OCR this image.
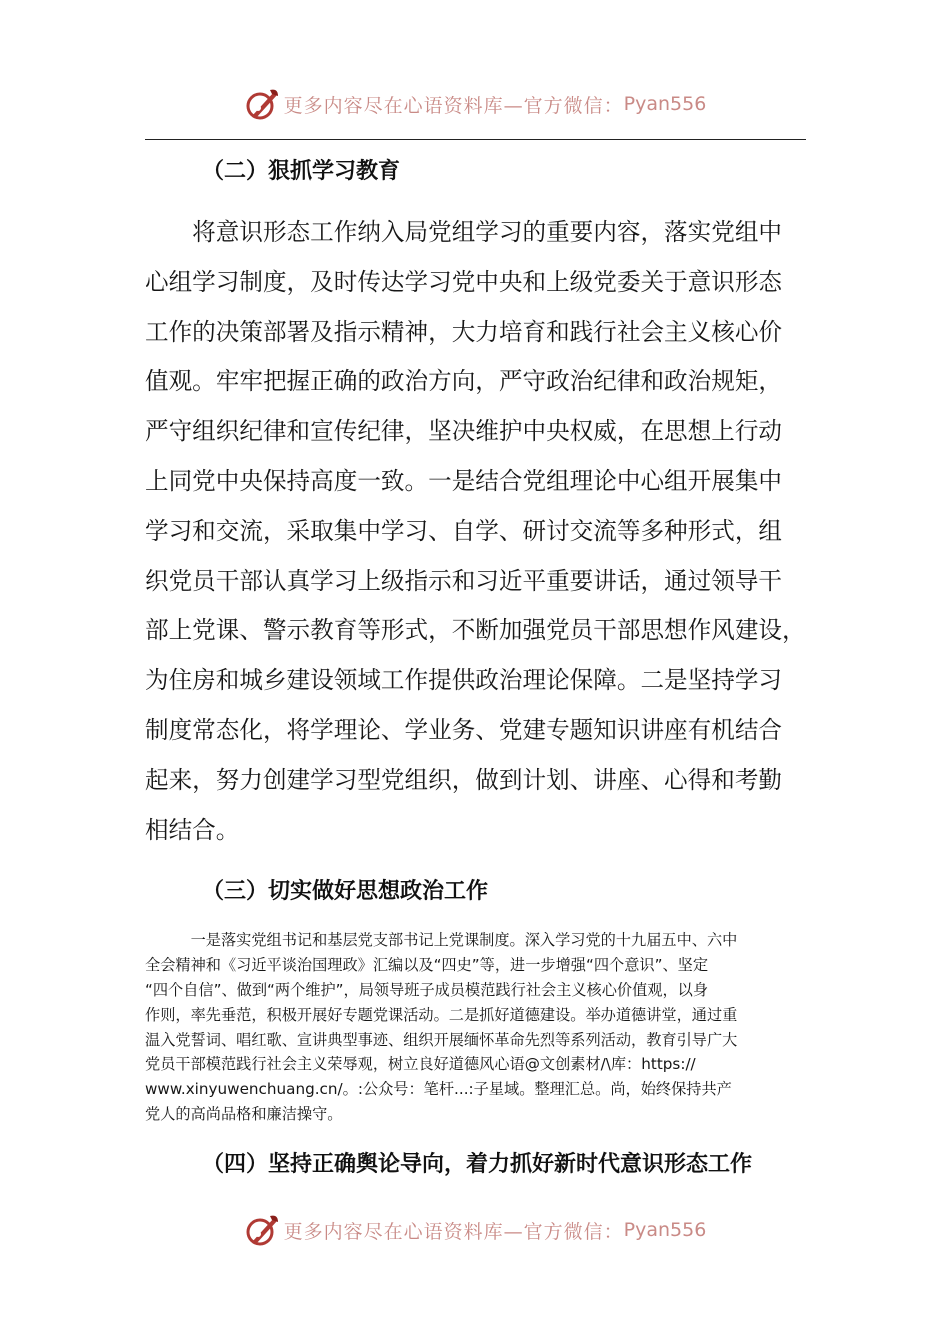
更多内容尽在心语资料库—官方微信： Pyan556
（二）狠抓学习教育

　　将意识形态工作纳入局党组学习的重要内容，落实党组中
心组学习制度，及时传达学习党中央和上级党委关于意识形态
工作的决策部署及指示精神，大力培育和践行社会主义核心价
值观。牢牢把握正确的政治方向，严守政治纪律和政治规矩，
严守组织纪律和宣传纪律，坚决维护中央权威，在思想上行动
上同党中央保持高度一致。一是结合党组理论中心组开展集中
学习和交流，采取集中学习、自学、研讨交流等多种形式，组
织党员干部认真学习上级指示和习近平重要讲话，通过领导干
部上党课、警示教育等形式，不断加强党员干部思想作风建设，
为住房和城乡建设领域工作提供政治理论保障。二是坚持学习
制度常态化，将学理论、学业务、党建专题知识讲座有机结合
起来，努力创建学习型党组织，做到计划、讲座、心得和考勤
相结合。

（三）切实做好思想政治工作

　　　一是落实党组书记和基层党支部书记上党课制度。深入学习党的十九届五中、六中
全会精神和《习近平谈治国理政》汇编以及“四史”等，进一步增强“四个意识”、坚定
“四个自信”、做到“两个维护”，局领导班子成员模范践行社会主义核心价值观，以身
作则，率先垂范，积极开展好专题党课活动。二是抓好道德建设。举办道德讲堂，通过重
温入党誓词、唱红歌、宣讲典型事迹、组织开展缅怀革命先烈等系列活动，教育引导广大
党员干部模范践行社会主义荣辱观，树立良好道德风心语@文创素材/\库：https://
www.xinyuwenchuang.cn/。:公众号：笔杆...:子星域。整理汇总。尚，始终保持共产
党人的高尚品格和廉洁操守。

（四）坚持正确舆论导向，着力抓好新时代意识形态工作
更多内容尽在心语资料库—官方微信： Pyan556
